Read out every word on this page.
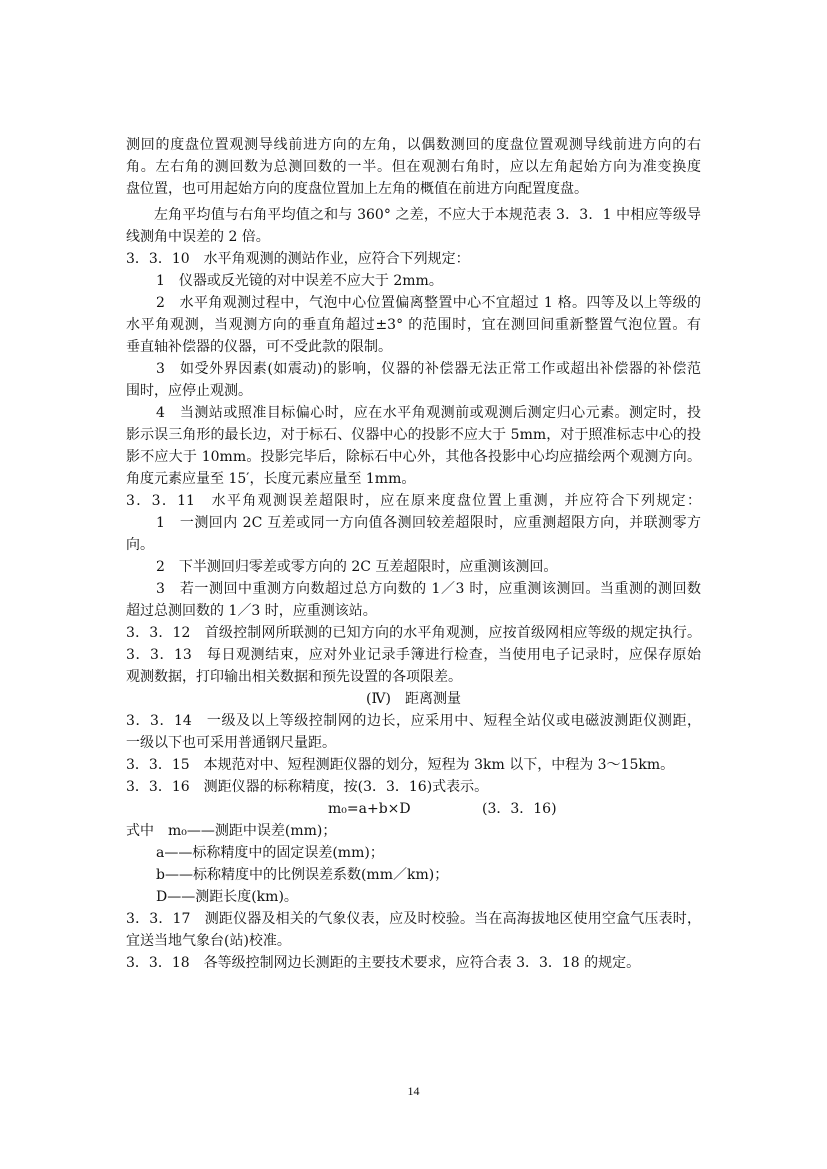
测回的度盘位置观测导线前进方向的左角，以偶数测回的度盘位置观测导线前进方向的右
角。左右角的测回数为总测回数的一半。但在观测右角时，应以左角起始方向为准变换度
盘位置，也可用起始方向的度盘位置加上左角的概值在前进方向配置度盘。
左角平均值与右角平均值之和与 360° 之差，不应大于本规范表 3．3．1 中相应等级导
线测角中误差的 2 倍。
3．3．10　水平角观测的测站作业，应符合下列规定：
1　仪器或反光镜的对中误差不应大于 2mm。
2　水平角观测过程中，气泡中心位置偏离整置中心不宜超过 1 格。四等及以上等级的
水平角观测，当观测方向的垂直角超过±3° 的范围时，宜在测回间重新整置气泡位置。有
垂直轴补偿器的仪器，可不受此款的限制。
3　如受外界因素(如震动)的影响，仪器的补偿器无法正常工作或超出补偿器的补偿范
围时，应停止观测。
4　当测站或照准目标偏心时，应在水平角观测前或观测后测定归心元素。测定时，投
影示误三角形的最长边，对于标石、仪器中心的投影不应大于 5mm，对于照准标志中心的投
影不应大于 10mm。投影完毕后，除标石中心外，其他各投影中心均应描绘两个观测方向。
角度元素应量至 15′，长度元素应量至 1mm。
3．3．11　水平角观测误差超限时，应在原来度盘位置上重测，并应符合下列规定：
1　一测回内 2C 互差或同一方向值各测回较差超限时，应重测超限方向，并联测零方
向。
2　下半测回归零差或零方向的 2C 互差超限时，应重测该测回。
3　若一测回中重测方向数超过总方向数的 1／3 时，应重测该测回。当重测的测回数
超过总测回数的 1／3 时，应重测该站。
3．3．12　首级控制网所联测的已知方向的水平角观测，应按首级网相应等级的规定执行。
3．3．13　每日观测结束，应对外业记录手簿进行检查，当使用电子记录时，应保存原始
观测数据，打印输出相关数据和预先设置的各项限差。
(Ⅳ)　距离测量
3．3．14　一级及以上等级控制网的边长，应采用中、短程全站仪或电磁波测距仪测距，
一级以下也可采用普通钢尺量距。
3．3．15　本规范对中、短程测距仪器的划分，短程为 3km 以下，中程为 3～15km。
3．3．16　测距仪器的标称精度，按(3．3．16)式表示。
m₀=a+b×D	(3．3．16)
式中　m₀——测距中误差(mm)；
a——标称精度中的固定误差(mm)；
b——标称精度中的比例误差系数(mm／km)；
D——测距长度(km)。
3．3．17　测距仪器及相关的气象仪表，应及时校验。当在高海拔地区使用空盒气压表时，
宜送当地气象台(站)校准。
3．3．18　各等级控制网边长测距的主要技术要求，应符合表 3．3．18 的规定。
14
